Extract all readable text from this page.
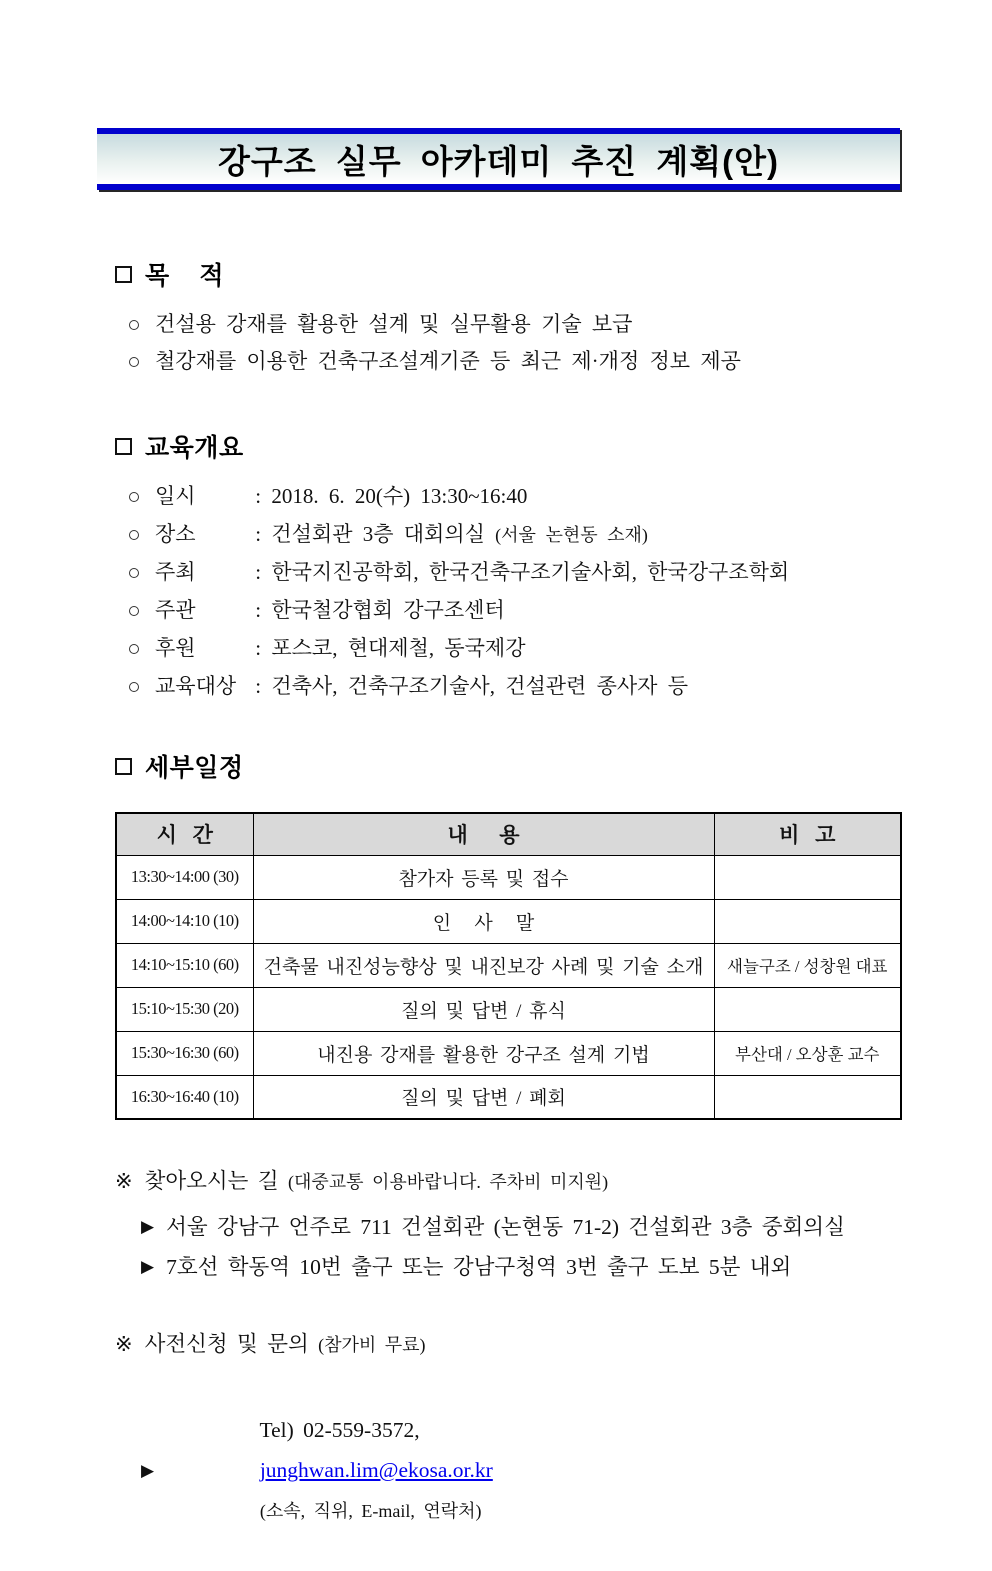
강구조 실무 아카데미 추진 계획(안)
목    적
건설용 강재를 활용한 설계 및 실무활용 기술 보급
철강재를 이용한 건축구조설계기준 등 최근 제·개정 정보 제공
교육개요
일시 : 2018. 6. 20(수) 13:30~16:40
장소 : 건설회관 3층 대회의실 (서울 논현동 소재)
주최 : 한국지진공학회, 한국건축구조기술사회, 한국강구조학회
주관 : 한국철강협회 강구조센터
후원 : 포스코, 현대제철, 동국제강
교육대상 : 건축사, 건축구조기술사, 건설관련 종사자 등
세부일정
시   간	내      용	비   고
13:30~14:00 (30)	참가자 등록 및 접수	
14:00~14:10 (10)	인   사   말	
14:10~15:10 (60)	건축물 내진성능향상 및 내진보강 사례 및 기술 소개	새늘구조 / 성창원 대표
15:10~15:30 (20)	질의 및 답변 / 휴식	
15:30~16:30 (60)	내진용 강재를 활용한 강구조 설계 기법	부산대 / 오상훈 교수
16:30~16:40 (10)	질의 및 답변 / 폐회	
※ 찾아오시는 길 (대중교통 이용바랍니다. 주차비 미지원)
▶ 서울 강남구 언주로 711 건설회관 (논현동 71-2) 건설회관 3층 중회의실
▶ 7호선 학동역 10번 출구 또는 강남구청역 3번 출구 도보 5분 내외
※ 사전신청 및 문의 (참가비 무료)
▶

Tel) 02-559-3572,
junghwan.lim@ekosa.or.kr
(소속, 직위, E-mail, 연락처)
